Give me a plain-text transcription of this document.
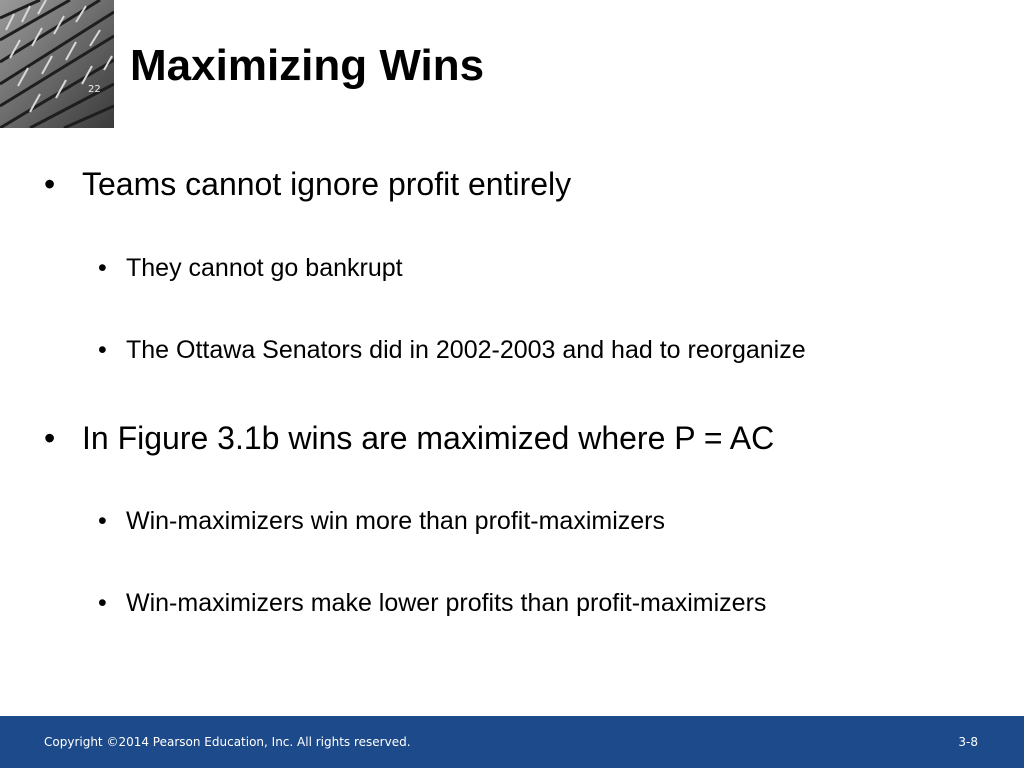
22 Maximizing Wins
• Teams cannot ignore profit entirely
• They cannot go bankrupt
• The Ottawa Senators did in 2002-2003 and had to reorganize
• In Figure 3.1b wins are maximized where P = AC
• Win-maximizers win more than profit-maximizers
• Win-maximizers make lower profits than profit-maximizers
Copyright ©2014 Pearson Education, Inc. All rights reserved.	3-8
